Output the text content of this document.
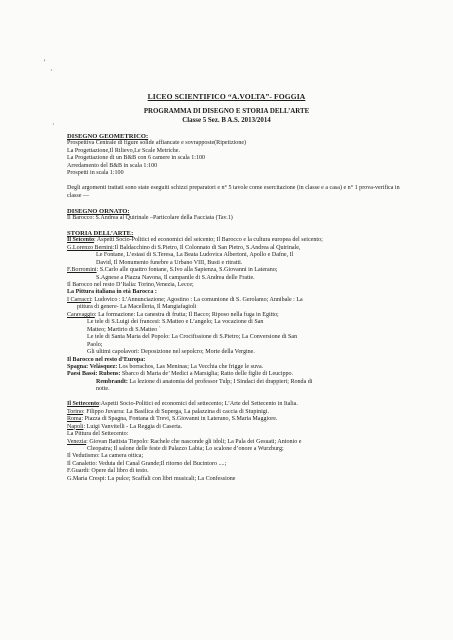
'
·
·
LICEO SCIENTIFICO “A.VOLTA”- FOGGIA
PROGRAMMA DI DISEGNO E STORIA DELL’ARTE
Classe 5 Sez. B A.S. 2013/2014
DISEGNO GEOMETRICO:
Prospettiva Centrale di figure solide affiancate e sovrapposte(Ripetizione)
La Progettazione,Il Rilievo,Le Scale Metriche.
La Progettazione di un B&B con 6 camere in scala 1:100
Arredamento del B&B in scala 1:100
Prospetti in scala 1:100
Degli argomenti trattati sono state eseguiti schizzi preparatori e n° 5 tavole come esercitazione (in classe e a casa) e n° 1 prova-verifica in classe —
DISEGNO ORNATO:
Il Barocco: S.Andrea al Quirinale –Particolare della Facciata (Tav.1)
STORIA DELL’ARTE:
Il Seicento: Aspetti Socio-Politici ed economici del seicento; Il Barocco e la cultura europea del seicento;
G.Lorenzo Bernini:Il Baldacchino di S.Pietro, Il Colonnato di San Pietro, S.Andrea al Quirinale,
Le Fontane, L’estasi di S.Teresa, La Beata Ludovica Albertoni, Apollo e Dafne, Il
David, Il Monumento funebre a Urbano VIII, Busti e ritratti.
F.Borromini: S.Carlo alle quattro fontane, S.Ivo alla Sapienza, S.Giovanni in Laterano;
S.Agnese a Piazza Navona, Il campanile di S.Andrea delle Fratte.
Il Barocco nel resto D’Italia: Torino,Venezia, Lecce;
La Pittura italiana in età Barocca :
I Carracci: Ludovico : L’Annunciazione; Agostino : La comunione di S. Gerolamo; Annibale : La
pittura di genere- La Macelleria, Il Mangiafagioli
Caravaggio: La formazione: La canestra di frutta; Il Bacco; Riposo nella fuga in Egitto;
Le tele di S.Luigi dei francesi: S.Matteo e L’angelo; La vocazione di San
Matteo; Martirio di S.Matteo `
Le tele di Santa Maria del Popolo: La Crocifissione di S.Pietro; La Conversione di San
Paolo;
Gli ultimi capolavori: Deposizione nel sepolcro; Morte della Vergine.
Il Barocco nel resto d’Europa:
Spagna: Velásquez: Los borrachos, Las Meninas; La Vecchia che frigge le suva.
Paesi Bassi: Rubens: Sbarco di Maria de’ Medici a Marsiglia; Ratto delle figlie di Leucippo.
Rembrandt: La lezione di anatomia del professor Tulp; I Sindaci dei drappieri; Ronda di
notte.
Il Settecento:Aspetti Socio-Politici ed economici del settecento; L’Arte del Settecento in Italia.
Torino: Filippo Juvarra: La Basilica di Superga, La palazzina di caccia di Stupinigi.
Roma: Piazza di Spagna, Fontana di Trevi, S.Giovanni in Laterano, S.Maria Maggiore.
Napoli: Luigi Vanvitelli - La Reggia di Caserta.
La Pittura del Settecento:
Venezia: Giovan Battista Tiepolo: Rachele che nasconde gli idoli; La Pala dei Gesuati; Antonio e
Cleopatra; Il salone delle feste di Palazzo Labia; Lo scalone d’onore a Wurzburg;
Il Vedutismo: La camera ottica;
Il Canaletto: Veduta del Canal Grande;Il ritorno del Bucintoro ....;
F.Guardi: Opere dal libro di testo.
G.Maria Crespi: La pulce; Scaffali con libri musicali; La Confessione
